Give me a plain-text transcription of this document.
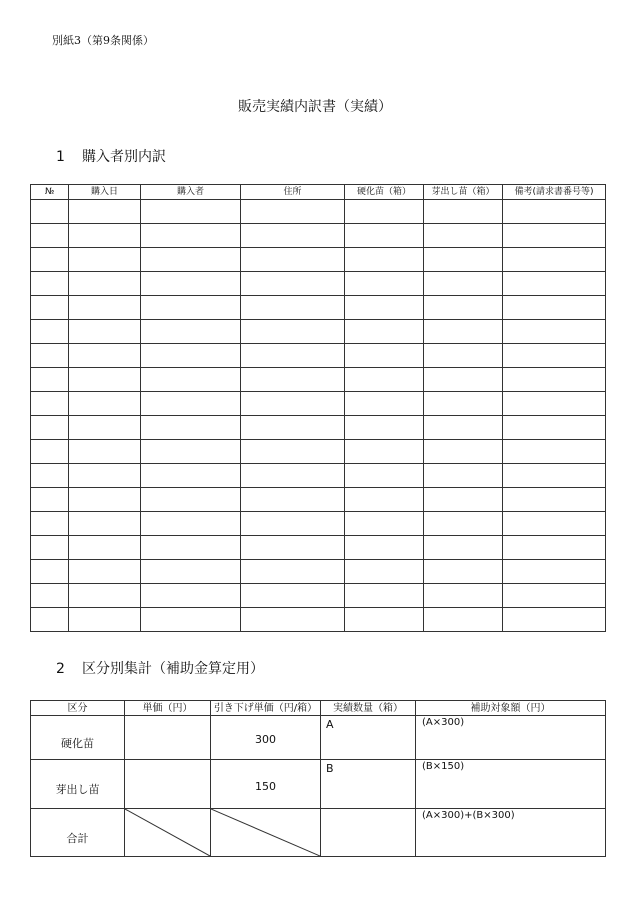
別紙3（第9条関係）
販売実績内訳書（実績）
1 購入者別内訳
№	購入日	購入者	住所	硬化苗（箱）	芽出し苗（箱）	備考(請求書番号等)

2 区分別集計（補助金算定用）
区分	単価（円）	引き下げ単価（円/箱）	実績数量（箱）	補助対象額（円）
硬化苗		300	A	(A×300)

芽出し苗		150	B	(B×150)

合計				(A×300)+(B×300)
